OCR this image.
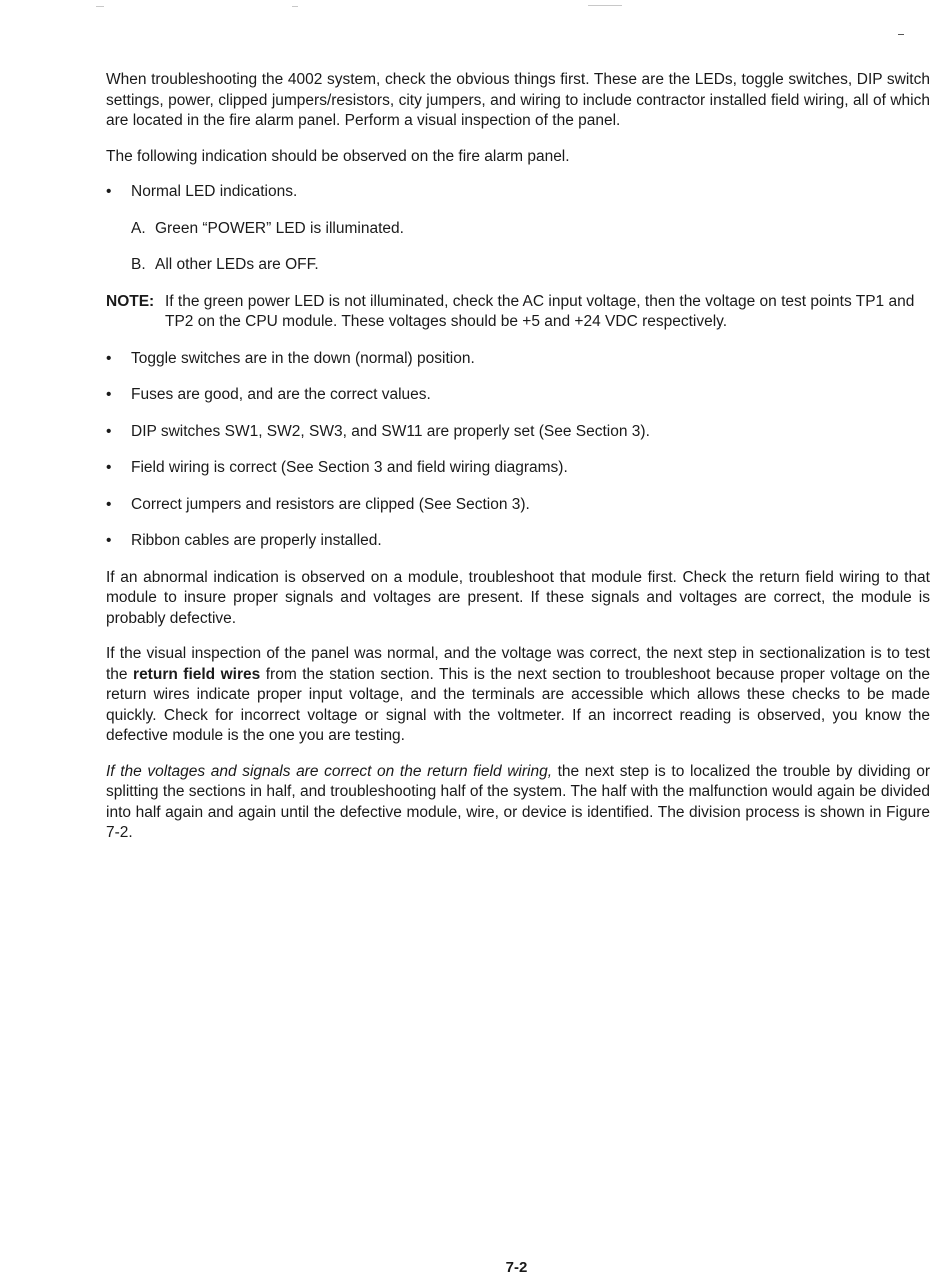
When troubleshooting the 4002 system, check the obvious things first. These are the LEDs, toggle switches, DIP switch settings, power, clipped jumpers/resistors, city jumpers, and wiring to include contractor installed field wiring, all of which are located in the fire alarm panel. Perform a visual inspection of the panel.

The following indication should be observed on the fire alarm panel.

• Normal LED indications.
A. Green “POWER” LED is illuminated.
B. All other LEDs are OFF.
NOTE: If the green power LED is not illuminated, check the AC input voltage, then the voltage on test points TP1 and TP2 on the CPU module. These voltages should be +5 and +24 VDC respectively.
• Toggle switches are in the down (normal) position.
• Fuses are good, and are the correct values.
• DIP switches SW1, SW2, SW3, and SW11 are properly set (See Section 3).
• Field wiring is correct (See Section 3 and field wiring diagrams).
• Correct jumpers and resistors are clipped (See Section 3).
• Ribbon cables are properly installed.

If an abnormal indication is observed on a module, troubleshoot that module first. Check the return field wiring to that module to insure proper signals and voltages are present. If these signals and voltages are correct, the module is probably defective.

If the visual inspection of the panel was normal, and the voltage was correct, the next step in sectionalization is to test the return field wires from the station section. This is the next section to troubleshoot because proper voltage on the return wires indicate proper input voltage, and the terminals are accessible which allows these checks to be made quickly. Check for incorrect voltage or signal with the voltmeter. If an incorrect reading is observed, you know the defective module is the one you are testing.

If the voltages and signals are correct on the return field wiring, the next step is to localized the trouble by dividing or splitting the sections in half, and troubleshooting half of the system. The half with the malfunction would again be divided into half again and again until the defective module, wire, or device is identified. The division process is shown in Figure 7-2.

7-2
